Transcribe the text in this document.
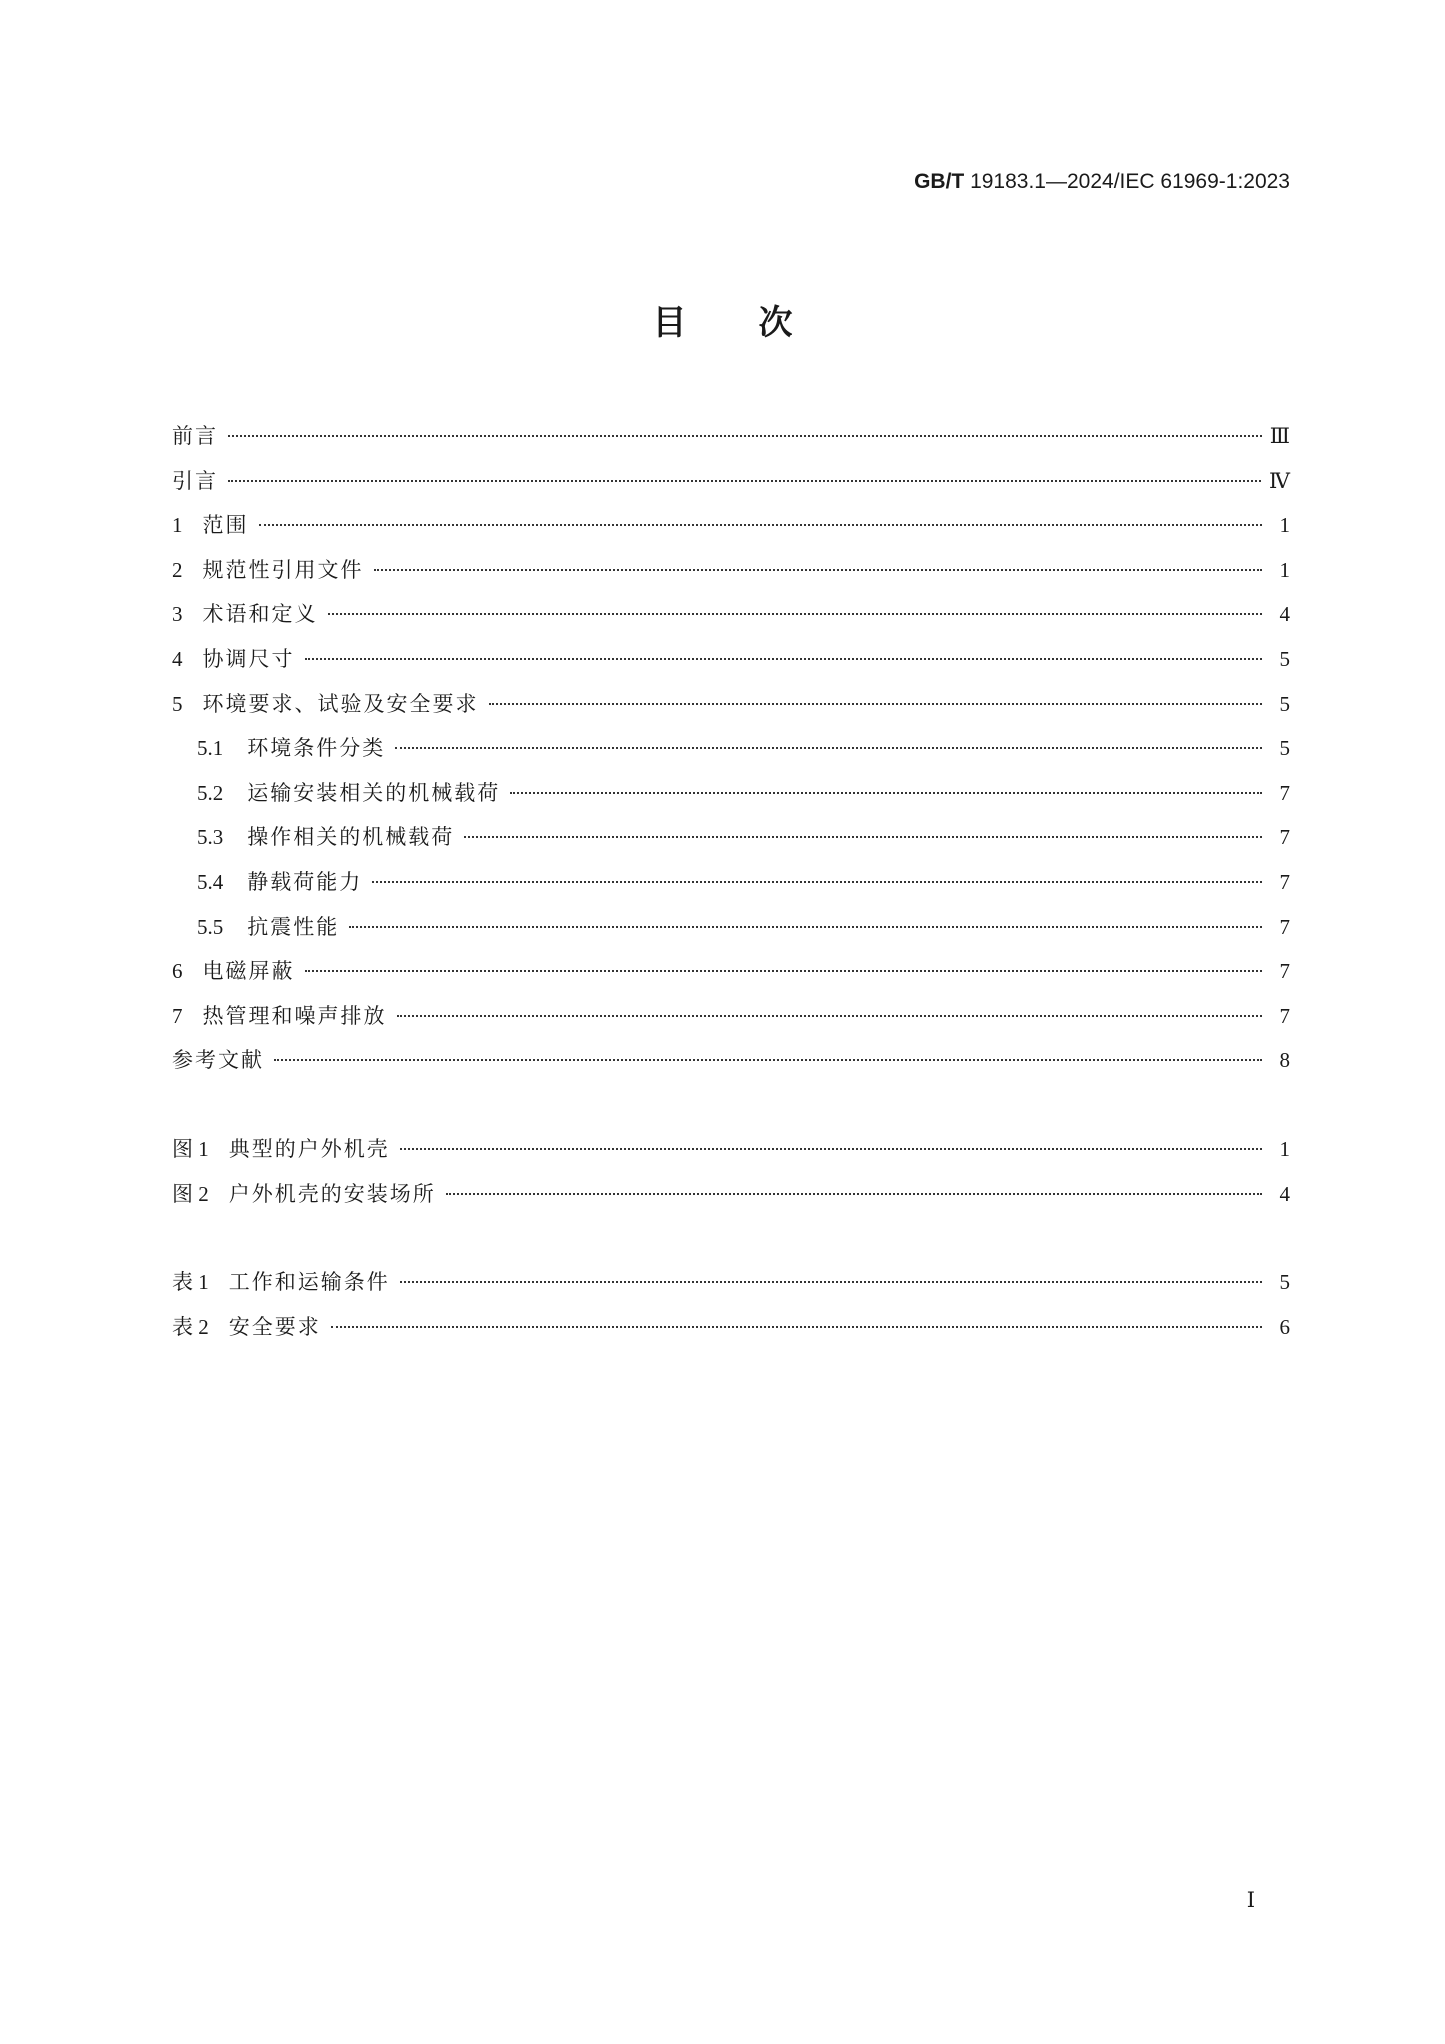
GB/T 19183.1—2024/IEC 61969-1:2023
目次
前言	Ⅲ
引言	Ⅳ
1 范围	1
2 规范性引用文件	1
3 术语和定义	4
4 协调尺寸	5
5 环境要求、试验及安全要求	5
5.1 环境条件分类	5
5.2 运输安装相关的机械载荷	7
5.3 操作相关的机械载荷	7
5.4 静载荷能力	7
5.5 抗震性能	7
6 电磁屏蔽	7
7 热管理和噪声排放	7
参考文献	8
图 1 典型的户外机壳	1
图 2 户外机壳的安装场所	4
表 1 工作和运输条件	5
表 2 安全要求	6
Ⅰ
